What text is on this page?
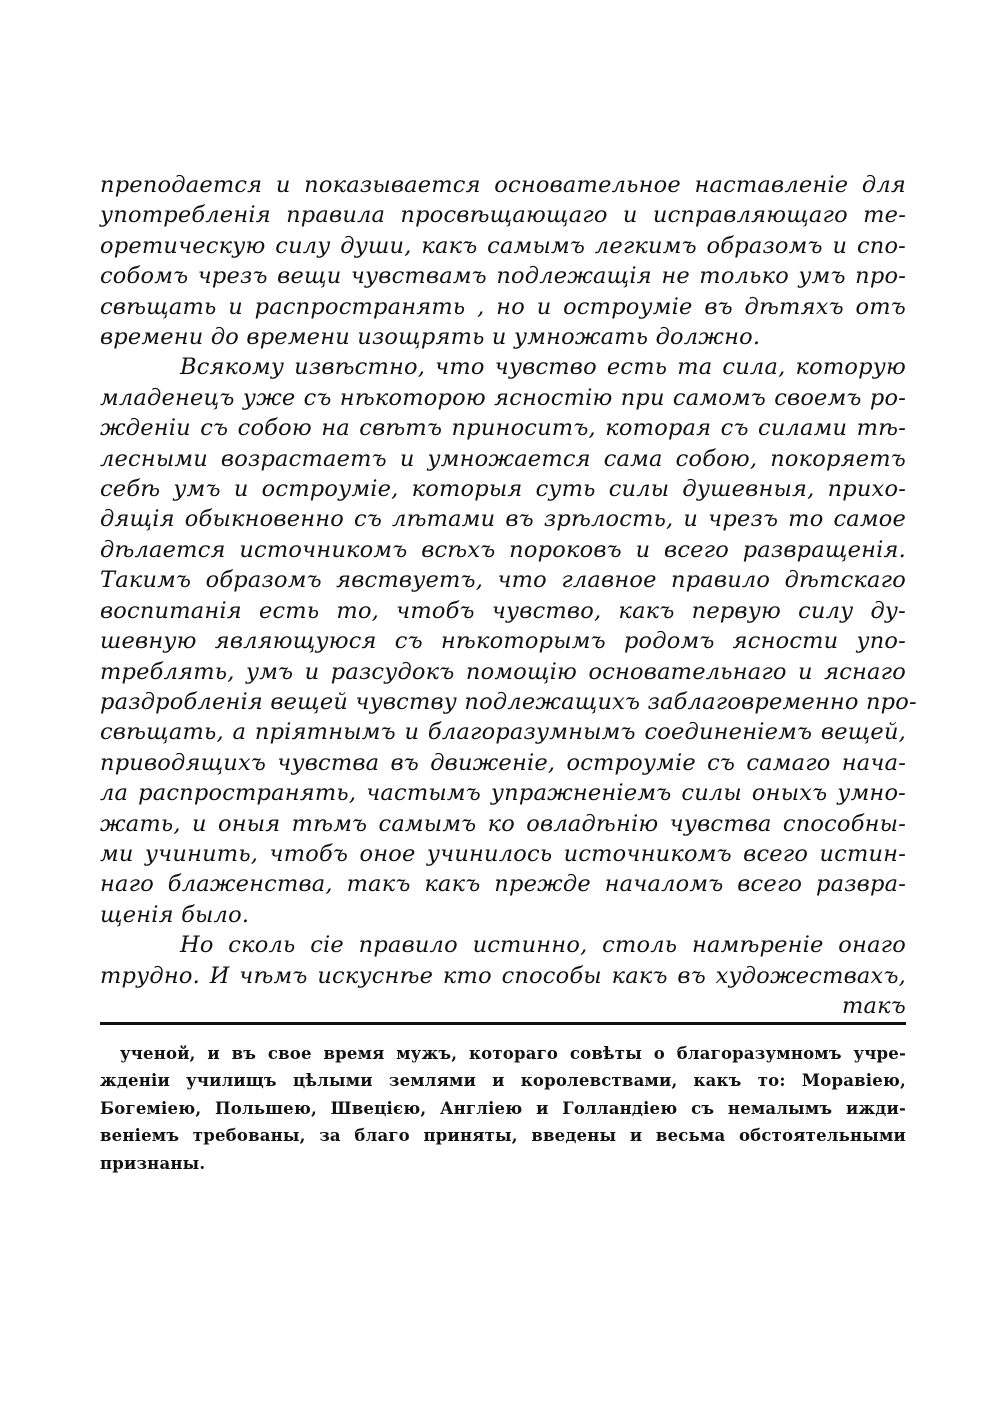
преподается и показывается основательное наставленіе для
употребленія правила просвѣщающаго и исправляющаго те-
оретическую силу души, какъ самымъ легкимъ образомъ и спо-
собомъ чрезъ вещи чувствамъ подлежащія не только умъ про-
свѣщать и распространять , но и остроуміе въ дѣтяхъ отъ
времени до времени изощрять и умножать должно.
Всякому извѣстно, что чувство есть та сила, которую
младенецъ уже съ нѣкоторою ясностію при самомъ своемъ ро-
жденіи съ собою на свѣтъ приноситъ, которая съ силами тѣ-
лесными возрастаетъ и умножается сама собою, покоряетъ
себѣ умъ и остроуміе, которыя суть силы душевныя, прихо-
дящія обыкновенно съ лѣтами въ зрѣлость, и чрезъ то самое
дѣлается источникомъ всѣхъ пороковъ и всего развращенія.
Такимъ образомъ явствуетъ, что главное правило дѣтскаго
воспитанія есть то, чтобъ чувство, какъ первую силу ду-
шевную являющуюся съ нѣкоторымъ родомъ ясности упо-
треблять, умъ и разсудокъ помощію основательнаго и яснаго
раздробленія вещей чувству подлежащихъ заблаговременно про-
свѣщать, а пріятнымъ и благоразумнымъ соединеніемъ вещей,
приводящихъ чувства въ движеніе, остроуміе съ самаго нача-
ла распространять, частымъ упражненіемъ силы оныхъ умно-
жать, и оныя тѣмъ самымъ ко овладѣнію чувства способны-
ми учинить, чтобъ оное учинилось источникомъ всего истин-
наго блаженства, такъ какъ прежде началомъ всего развра-
щенія было.
Но сколь сіе правило истинно, столь намѣреніе онаго
трудно. И чѣмъ искуснѣе кто способы какъ въ художествахъ,
такъ
ученой, и въ свое время мужъ, котораго совѣты о благоразумномъ учре-
жденіи училищъ цѣлыми землями и королевствами, какъ то: Моравіею,
Богеміею, Польшею, Швецією, Англіею и Голландіею съ немалымъ ижди-
веніемъ требованы, за благо приняты, введены и весьма обстоятельными
признаны.
